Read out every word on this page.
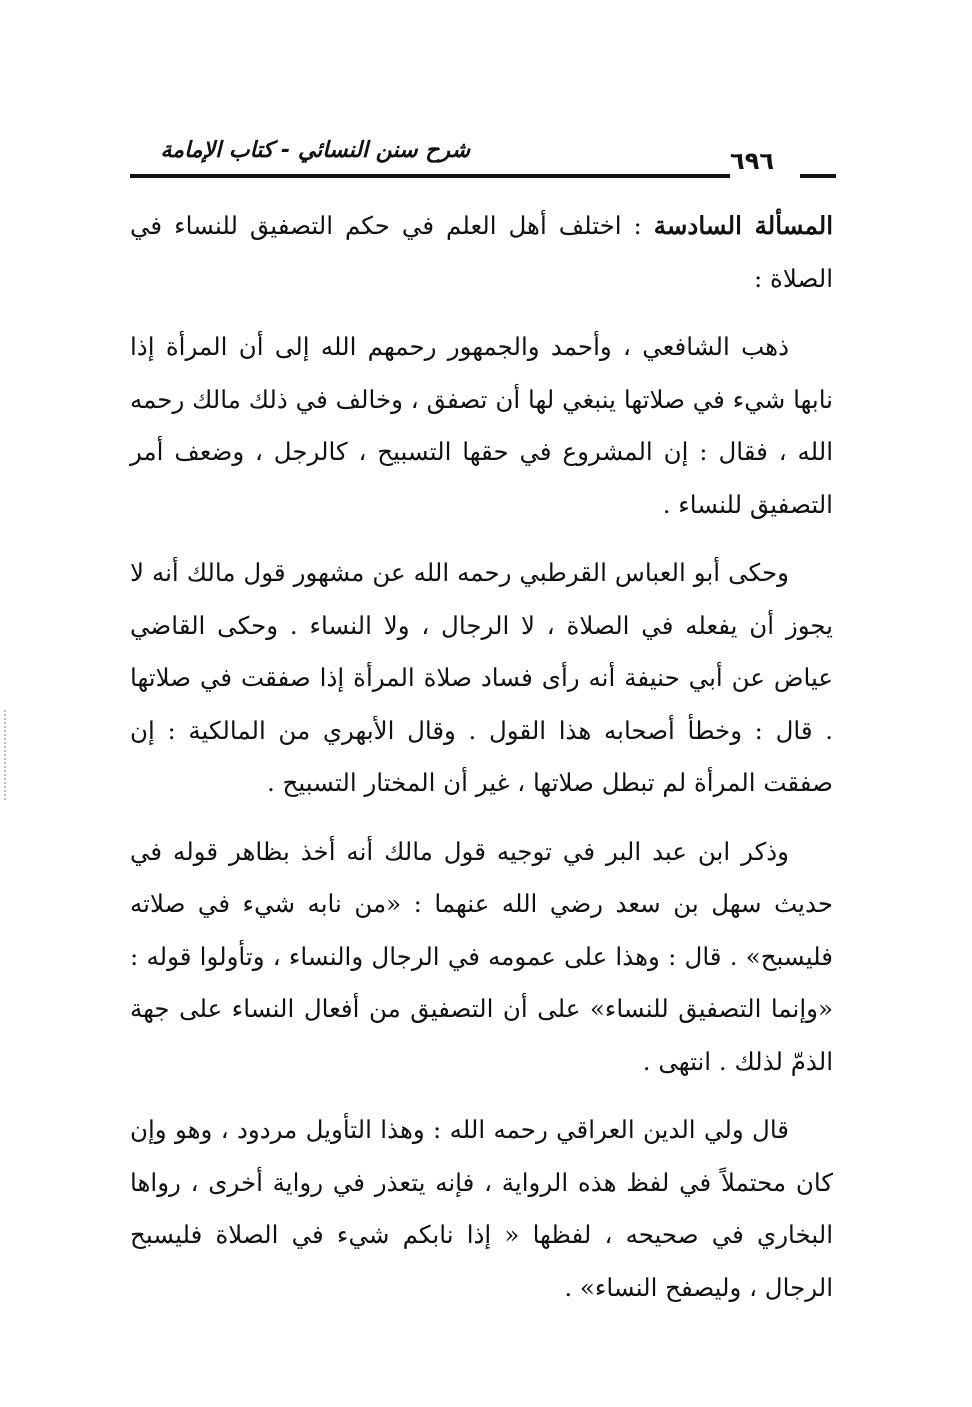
شرح سنن النسائي - كتاب الإمامة	٦٩٦

المسألة السادسة : اختلف أهل العلم في حكم التصفيق للنساء في الصلاة :

ذهب الشافعي ، وأحمد والجمهور رحمهم الله إلى أن المرأة إذا نابها شيء في صلاتها ينبغي لها أن تصفق ، وخالف في ذلك مالك رحمه الله ، فقال : إن المشروع في حقها التسبيح ، كالرجل ، وضعف أمر التصفيق للنساء .

وحكى أبو العباس القرطبي رحمه الله عن مشهور قول مالك أنه لا يجوز أن يفعله في الصلاة ، لا الرجال ، ولا النساء . وحكى القاضي عياض عن أبي حنيفة أنه رأى فساد صلاة المرأة إذا صفقت في صلاتها . قال : وخطأ أصحابه هذا القول . وقال الأبهري من المالكية : إن صفقت المرأة لم تبطل صلاتها ، غير أن المختار التسبيح .

وذكر ابن عبد البر في توجيه قول مالك أنه أخذ بظاهر قوله في حديث سهل بن سعد رضي الله عنهما : «من نابه شيء في صلاته فليسبح» . قال : وهذا على عمومه في الرجال والنساء ، وتأولوا قوله : «وإنما التصفيق للنساء» على أن التصفيق من أفعال النساء على جهة الذمّ لذلك . انتهى .

قال ولي الدين العراقي رحمه الله : وهذا التأويل مردود ، وهو وإن كان محتملاً في لفظ هذه الرواية ، فإنه يتعذر في رواية أخرى ، رواها البخاري في صحيحه ، لفظها « إذا نابكم شيء في الصلاة فليسبح الرجال ، وليصفح النساء» .
